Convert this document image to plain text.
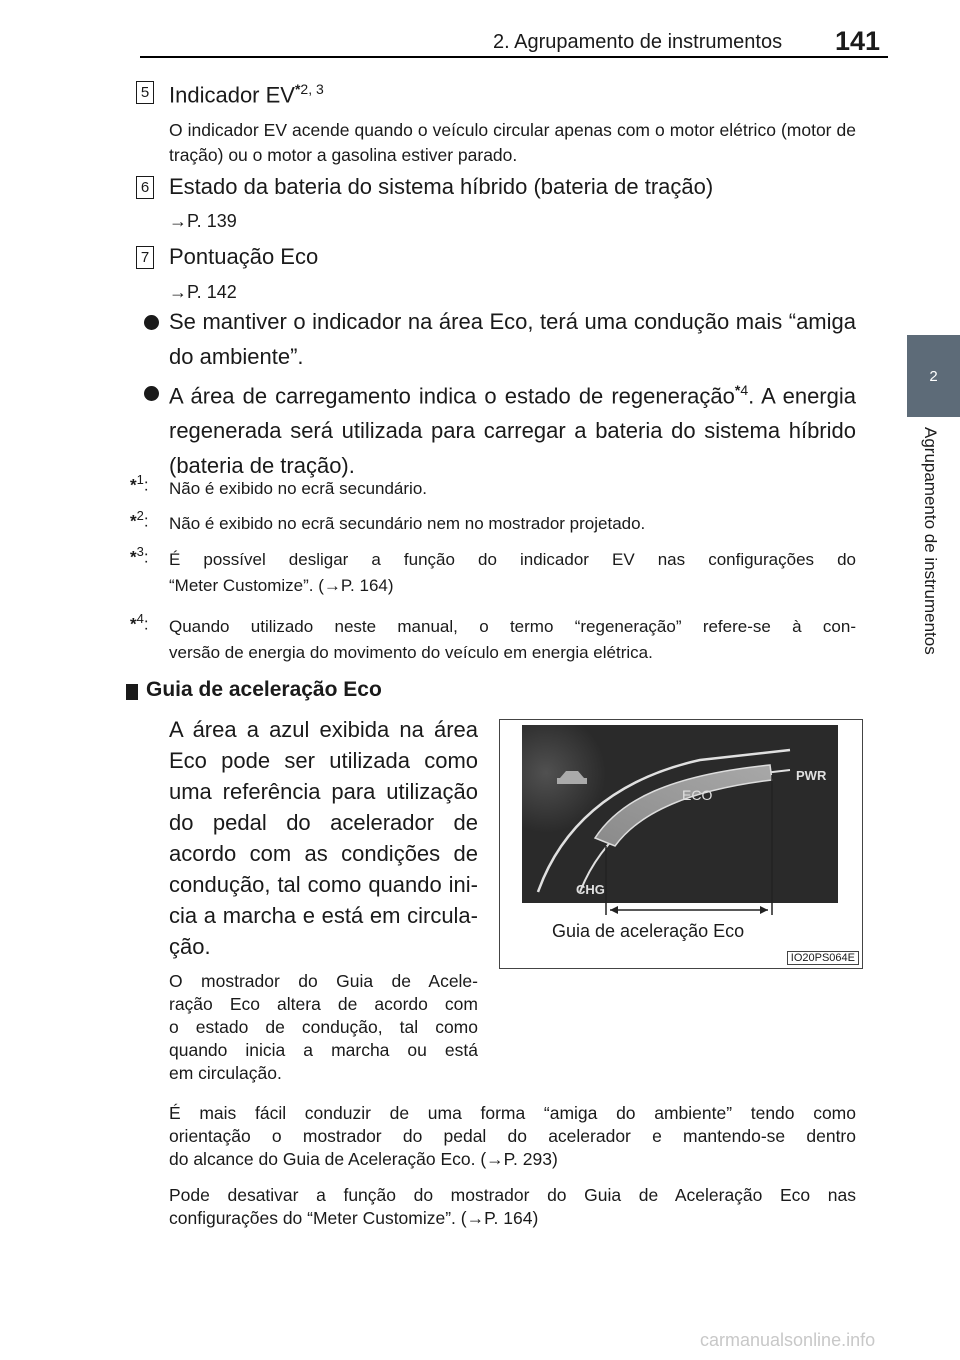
2. Agrupamento de instrumentos 141
2
Agrupamento de instrumentos
5 Indicador EV$^{*2, 3}$
O indicador EV acende quando o veículo circular apenas com o motor elétrico (motor de tração) ou o motor a gasolina estiver parado.
6 Estado da bateria do sistema híbrido (bateria de tração)
→P. 139
7 Pontuação Eco
→P. 142
Se mantiver o indicador na área Eco, terá uma condução mais “amiga do ambiente”.
A área de carregamento indica o estado de regeneração$^{*4}$. A energia regenerada será utilizada para carregar a bateria do sistema híbrido (bateria de tração).
*$^1$: Não é exibido no ecrã secundário.
*$^2$: Não é exibido no ecrã secundário nem no mostrador projetado.
*$^3$: É possível desligar a função do indicador EV nas configurações do
“Meter Customize”. (→P. 164)
*$^4$: Quando utilizado neste manual, o termo “regeneração” refere-se à con-
versão de energia do movimento do veículo em energia elétrica.
Guia de aceleração Eco
A área a azul exibida na área
Eco pode ser utilizada como
uma referência para utilização
do pedal do acelerador de
acordo com as condições de
condução, tal como quando ini-
cia a marcha e está em circula-
ção.
O mostrador do Guia de Acele-
ração Eco altera de acordo com
o estado de condução, tal como
quando inicia a marcha ou está
em circulação.
É mais fácil conduzir de uma forma “amiga do ambiente” tendo como
orientação o mostrador do pedal do acelerador e mantendo-se dentro
do alcance do Guia de Aceleração Eco. (→P. 293)
Pode desativar a função do mostrador do Guia de Aceleração Eco nas
configurações do “Meter Customize”. (→P. 164)
ECO
PWR
CHG
Guia de aceleração Eco
IO20PS064E
carmanualsonline.info
